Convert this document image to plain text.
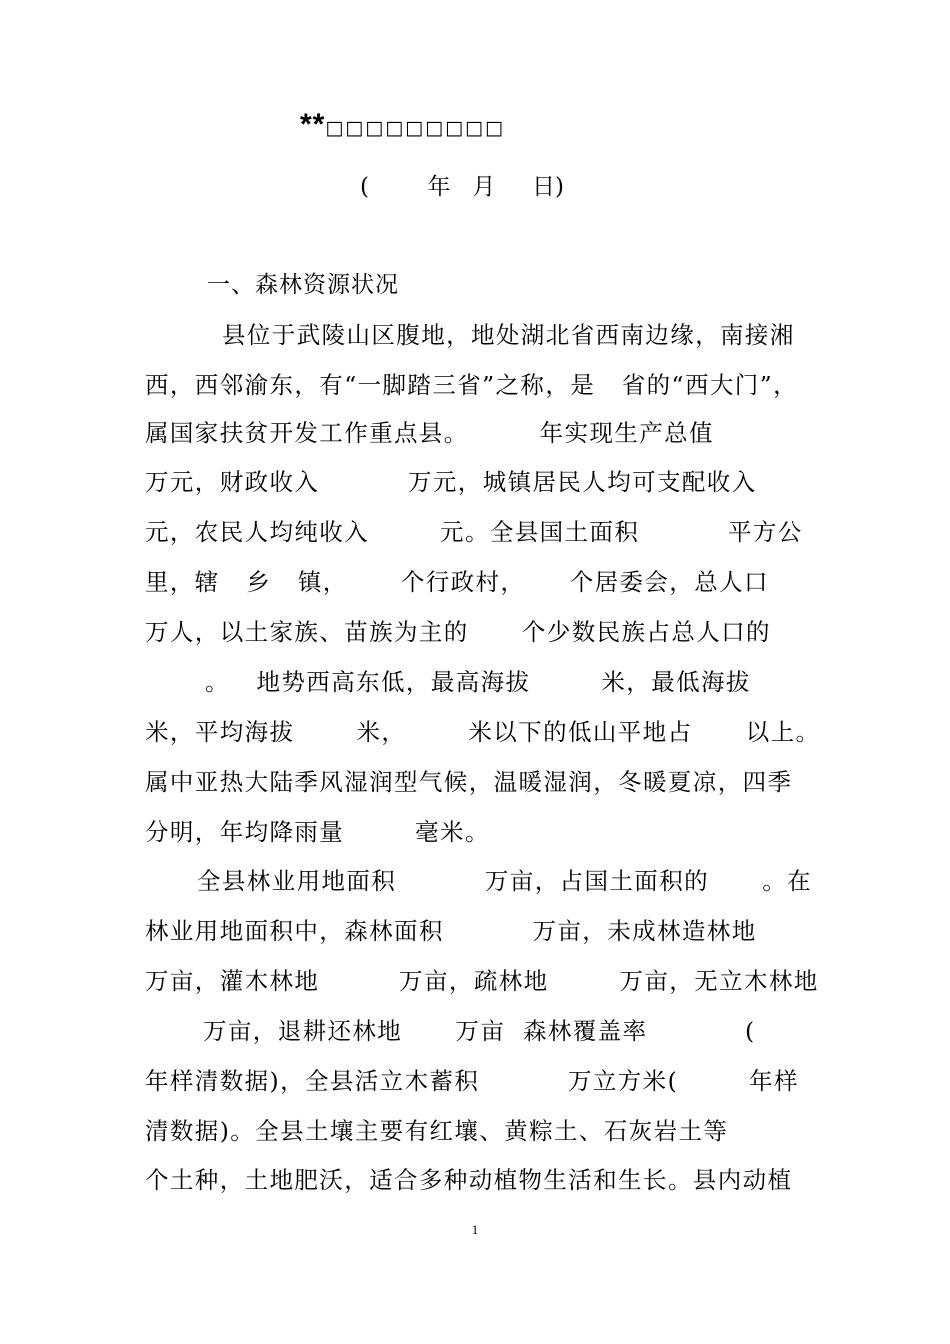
**□□□□□□□□□
(        年   月     日)
一、森林资源状况
县位于武陵山区腹地，地处湖北省西南边缘，南接湘
西，西邻渝东，有“一脚踏三省”之称，是   省的“西大门”，
属国家扶贫开发工作重点县。        年实现生产总值
万元，财政收入          万元，城镇居民人均可支配收入
元，农民人均纯收入        元。全县国土面积          平方公
里，辖   乡   镇，      个行政村，     个居委会，总人口
万人，以土家族、苗族为主的      个少数民族占总人口的
。   地势西高东低，最高海拔        米，最低海拔
米，平均海拔       米，       米以下的低山平地占      以上。
属中亚热大陆季风湿润型气候，温暖湿润，冬暖夏凉，四季
分明，年均降雨量        毫米。
全县林业用地面积          万亩，占国土面积的      。在
林业用地面积中，森林面积          万亩，未成林造林地
万亩，灌木林地         万亩，疏林地        万亩，无立木林地
万亩，退耕还林地      万亩  森林覆盖率           (
年样清数据)，全县活立木蓄积          万立方米(        年样
清数据)。全县土壤主要有红壤、黄粽土、石灰岩土等
个土种，土地肥沃，适合多种动植物生活和生长。县内动植
1
